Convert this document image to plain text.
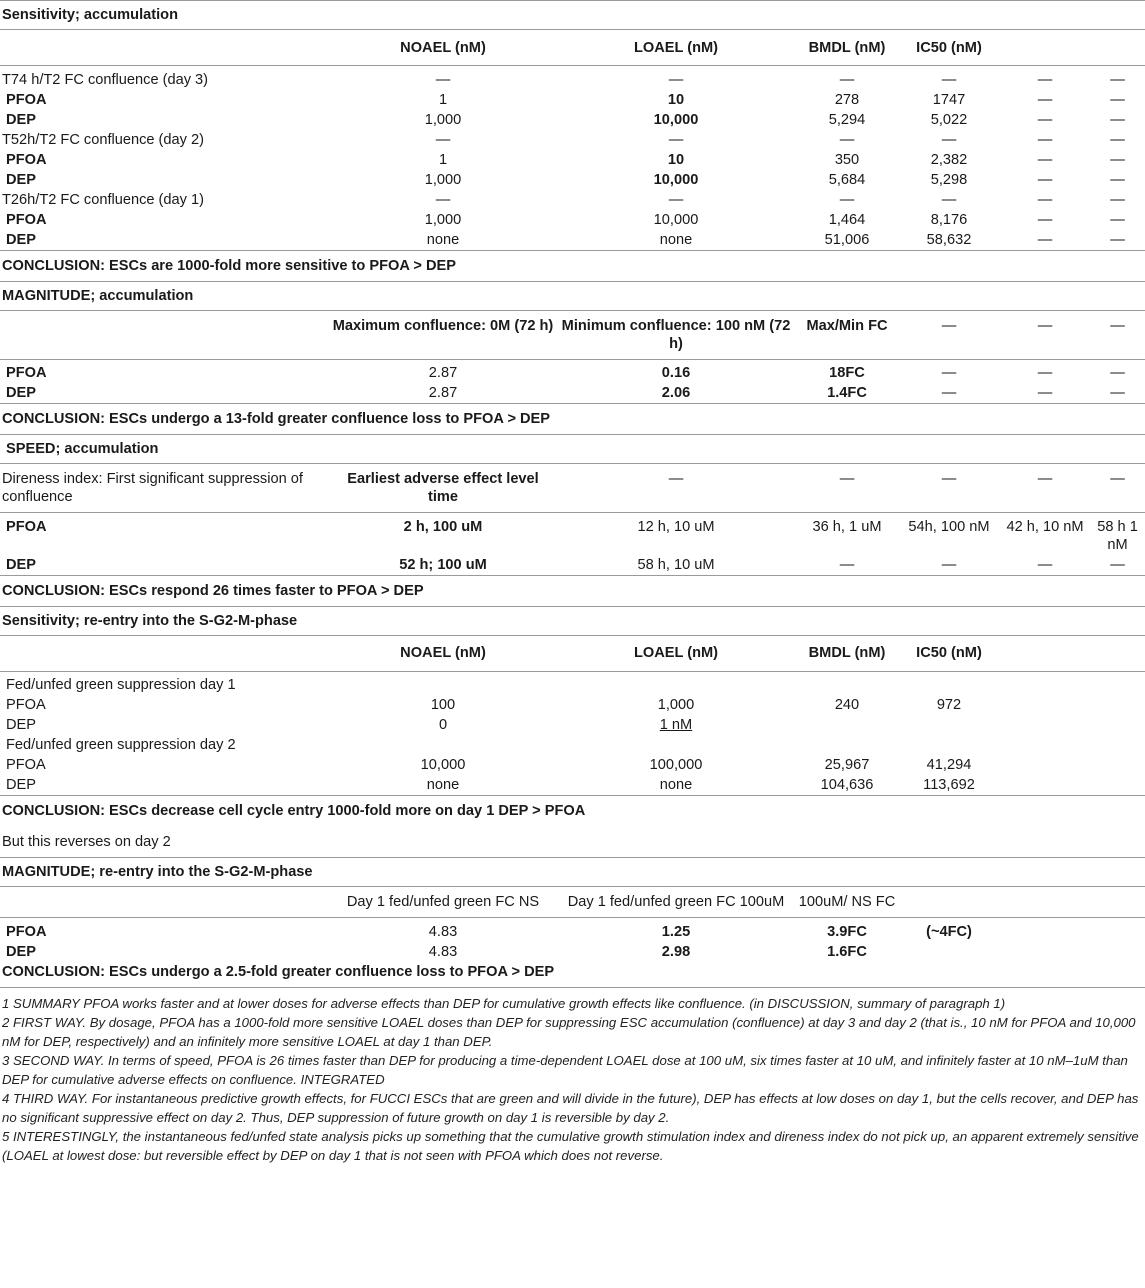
Sensitivity; accumulation						
	NOAEL (nM)	LOAEL (nM)	BMDL (nM)	IC50 (nM)		

T74 h/T2 FC confluence (day 3)	—	—	—	—	—	—
PFOA	1	10	278	1747	—	—
DEP	1,000	10,000	5,294	5,022	—	—
T52h/T2 FC confluence (day 2)	—	—	—	—	—	—
PFOA	1	10	350	2,382	—	—
DEP	1,000	10,000	5,684	5,298	—	—
T26h/T2 FC confluence (day 1)	—	—	—	—	—	—
PFOA	1,000	10,000	1,464	8,176	—	—
DEP	none	none	51,006	58,632	—	—
CONCLUSION: ESCs are 1000-fold more sensitive to PFOA > DEP						
MAGNITUDE; accumulation						
	Maximum confluence: 0M (72 h)	Minimum confluence: 100 nM (72 h)	Max/Min FC	—	—	—

PFOA	2.87	0.16	18FC	—	—	—
DEP	2.87	2.06	1.4FC	—	—	—
CONCLUSION: ESCs undergo a 13-fold greater confluence loss to PFOA > DEP						
SPEED; accumulation						
Direness index: First significant suppression of confluence	Earliest adverse effect level time	—	—	—	—	—

PFOA	2 h, 100 uM	12 h, 10 uM	36 h, 1 uM	54h, 100 nM	42 h, 10 nM	58 h 1 nM
DEP	52 h; 100 uM	58 h, 10 uM	—	—	—	—
CONCLUSION: ESCs respond 26 times faster to PFOA > DEP						
Sensitivity; re-entry into the S-G2-M-phase						
	NOAEL (nM)	LOAEL (nM)	BMDL (nM)	IC50 (nM)		

Fed/unfed green suppression day 1						
PFOA	100	1,000	240	972		
DEP	0	1 nM				
Fed/unfed green suppression day 2						
PFOA	10,000	100,000	25,967	41,294		
DEP	none	none	104,636	113,692		
CONCLUSION: ESCs decrease cell cycle entry 1000-fold more on day 1 DEP > PFOA						
But this reverses on day 2						
MAGNITUDE; re-entry into the S-G2-M-phase						
	Day 1 fed/unfed green FC NS	Day 1 fed/unfed green FC 100uM	100uM/ NS FC			

PFOA	4.83	1.25	3.9FC	(~4FC)		
DEP	4.83	2.98	1.6FC			
CONCLUSION: ESCs undergo a 2.5-fold greater confluence loss to PFOA > DEP						

1 SUMMARY PFOA works faster and at lower doses for adverse effects than DEP for cumulative growth effects like confluence. (in DISCUSSION, summary of paragraph 1)

2 FIRST WAY. By dosage, PFOA has a 1000-fold more sensitive LOAEL doses than DEP for suppressing ESC accumulation (confluence) at day 3 and day 2 (that is., 10 nM for PFOA and 10,000 nM for DEP, respectively) and an infinitely more sensitive LOAEL at day 1 than DEP.

3 SECOND WAY. In terms of speed, PFOA is 26 times faster than DEP for producing a time-dependent LOAEL dose at 100 uM, six times faster at 10 uM, and infinitely faster at 10 nM–1uM than DEP for cumulative adverse effects on confluence. INTEGRATED

4 THIRD WAY. For instantaneous predictive growth effects, for FUCCI ESCs that are green and will divide in the future), DEP has effects at low doses on day 1, but the cells recover, and DEP has no significant suppressive effect on day 2. Thus, DEP suppression of future growth on day 1 is reversible by day 2.

5 INTERESTINGLY, the instantaneous fed/unfed state analysis picks up something that the cumulative growth stimulation index and direness index do not pick up, an apparent extremely sensitive (LOAEL at lowest dose: but reversible effect by DEP on day 1 that is not seen with PFOA which does not reverse.
